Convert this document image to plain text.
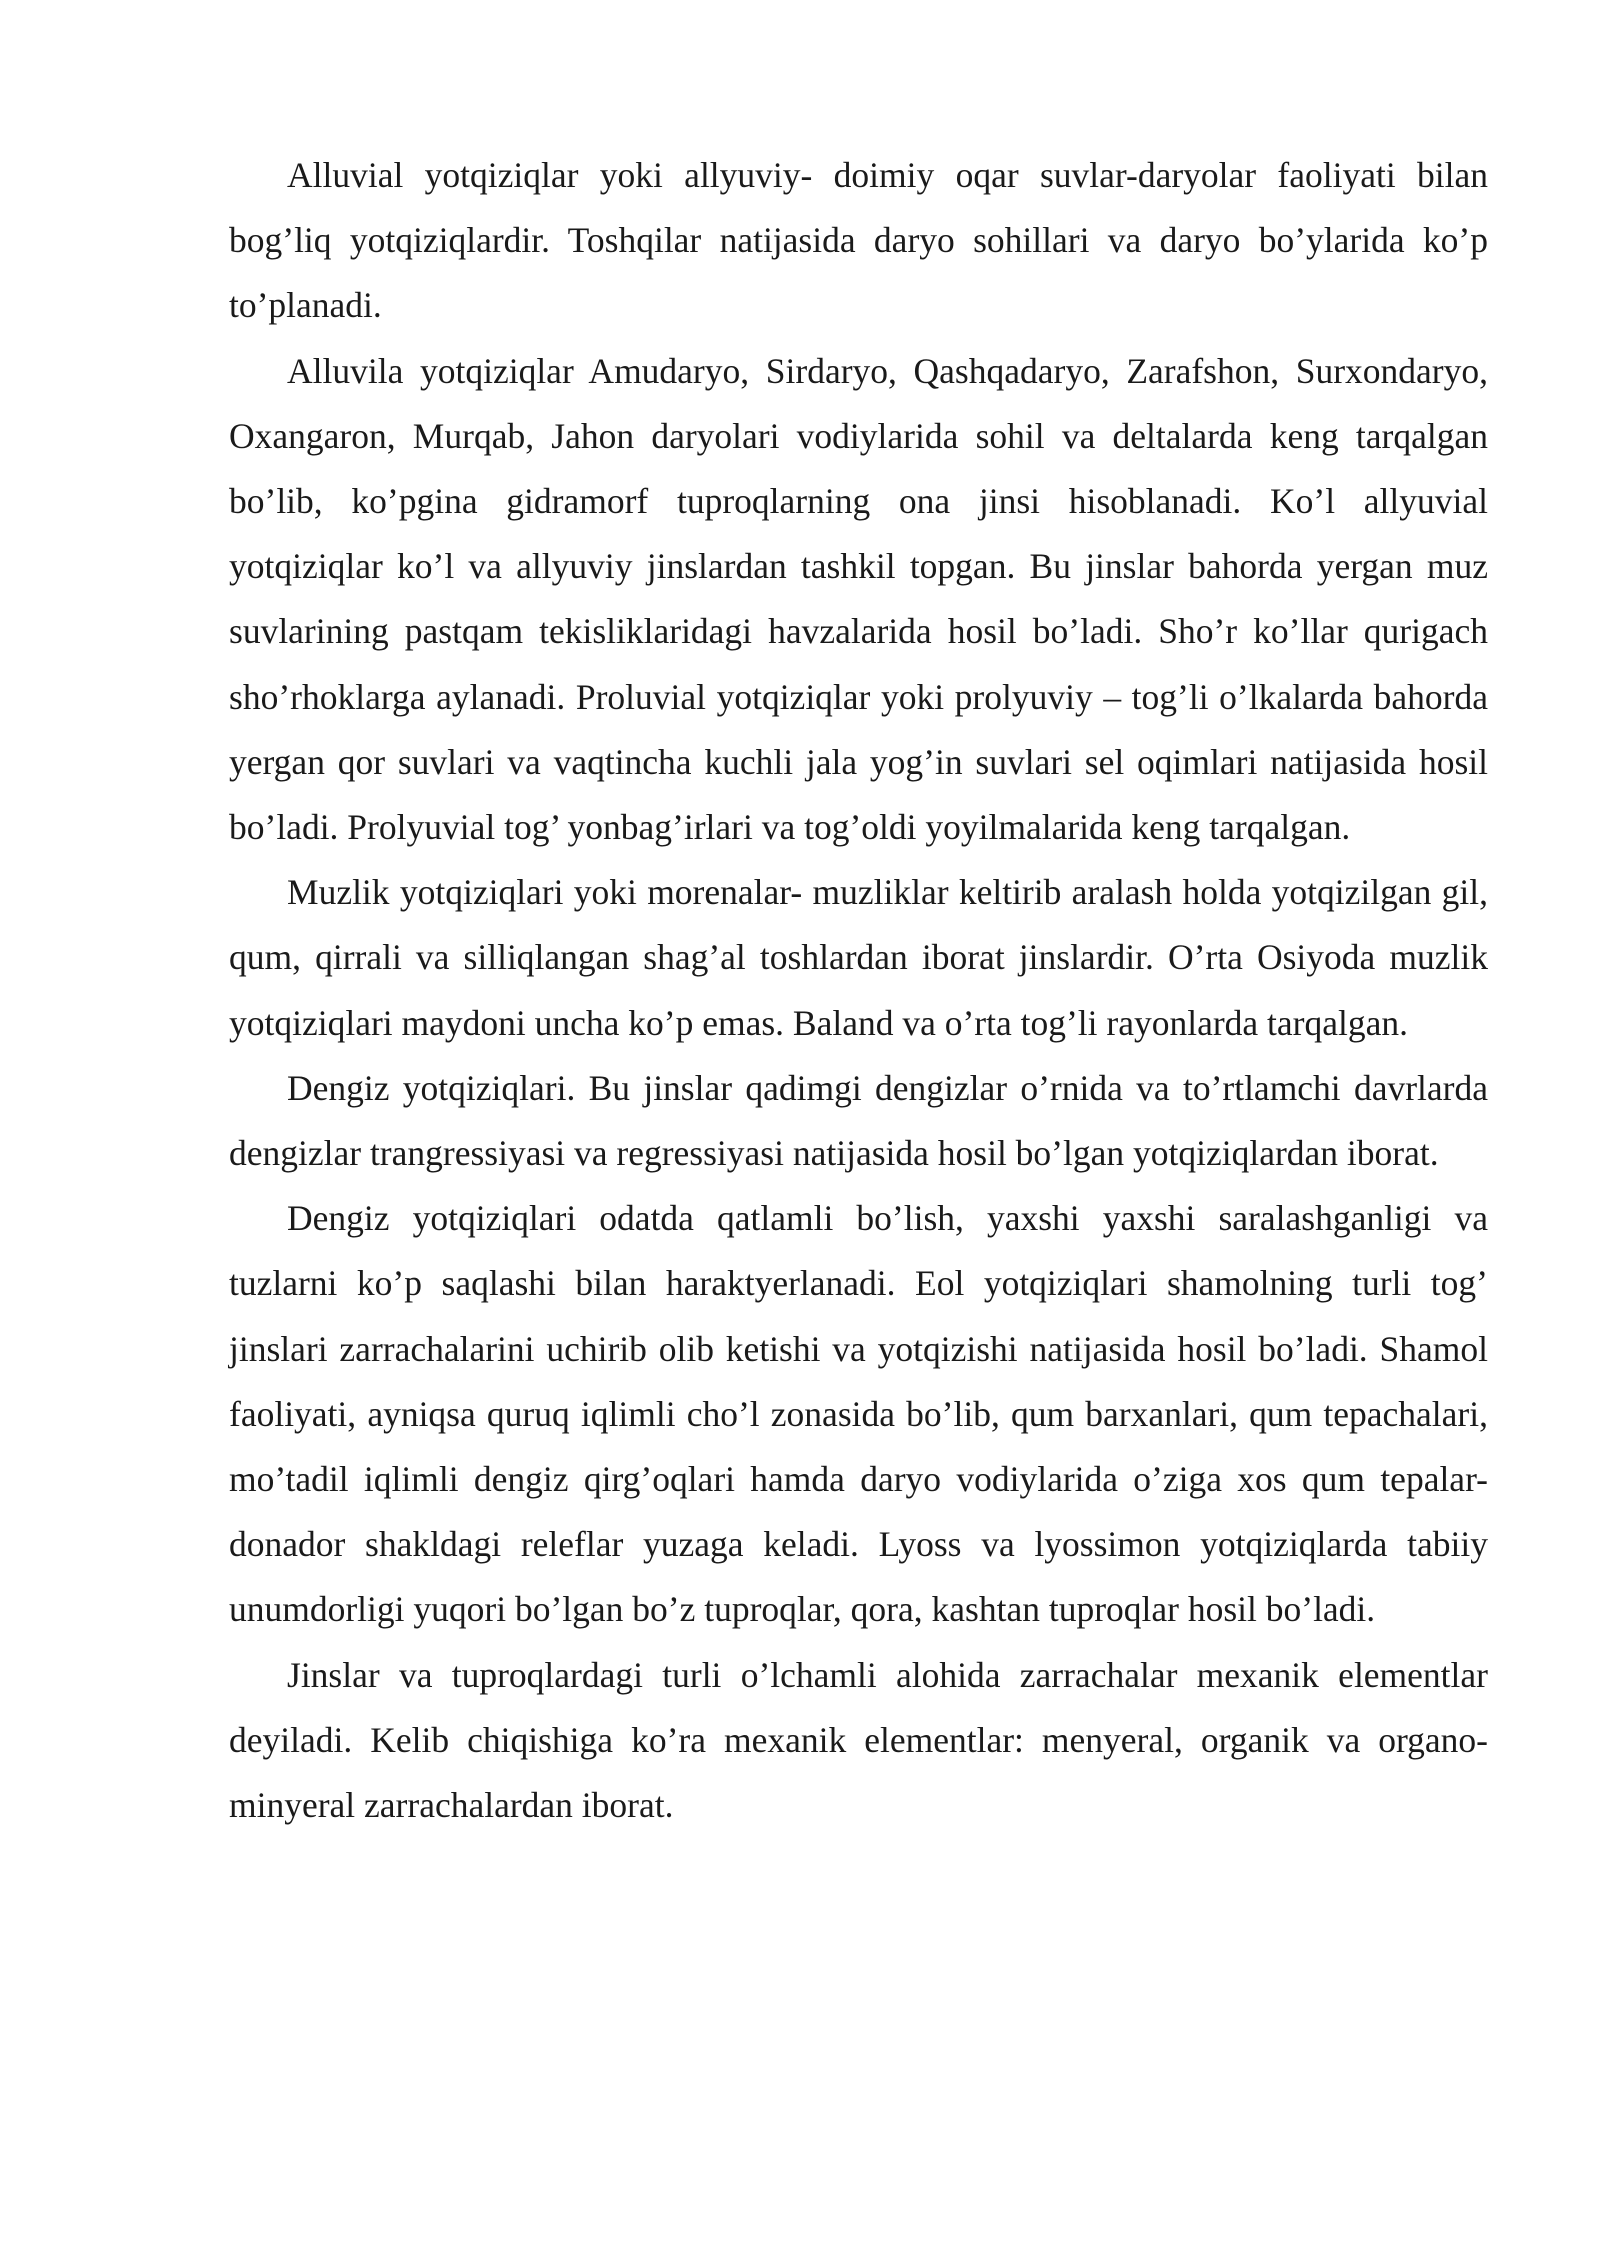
Alluvial yotqiziqlar yoki allyuviy- doimiy oqar suvlar-daryolar faoliyati bilan bog’liq yotqiziqlardir. Toshqilar natijasida daryo sohillari va daryo bo’ylarida ko’p to’planadi.

Alluvila yotqiziqlar Amudaryo, Sirdaryo, Qashqadaryo, Zarafshon, Surxondaryo, Oxangaron, Murqab, Jahon daryolari vodiylarida sohil va deltalarda keng tarqalgan bo’lib, ko’pgina gidramorf tuproqlarning ona jinsi hisoblanadi. Ko’l allyuvial yotqiziqlar ko’l va allyuviy jinslardan tashkil topgan. Bu jinslar bahorda yergan muz suvlarining pastqam tekisliklaridagi havzalarida hosil bo’ladi. Sho’r ko’llar qurigach sho’rhoklarga aylanadi. Proluvial yotqiziqlar yoki prolyuviy – tog’li o’lkalarda bahorda yergan qor suvlari va vaqtincha kuchli jala yog’in suvlari sel oqimlari natijasida hosil bo’ladi. Prolyuvial tog’ yonbag’irlari va tog’oldi yoyilmalarida keng tarqalgan.

Muzlik yotqiziqlari yoki morenalar- muzliklar keltirib aralash holda yotqizilgan gil, qum, qirrali va silliqlangan shag’al toshlardan iborat jinslardir. O’rta Osiyoda muzlik yotqiziqlari maydoni uncha ko’p emas. Baland va o’rta tog’li rayonlarda tarqalgan.

Dengiz yotqiziqlari. Bu jinslar qadimgi dengizlar o’rnida va to’rtlamchi davrlarda dengizlar trangressiyasi va regressiyasi natijasida hosil bo’lgan yotqiziqlardan iborat.

Dengiz yotqiziqlari odatda qatlamli bo’lish, yaxshi yaxshi saralashganligi va tuzlarni ko’p saqlashi bilan haraktyerlanadi. Eol yotqiziqlari shamolning turli tog’ jinslari zarrachalarini uchirib olib ketishi va yotqizishi natijasida hosil bo’ladi. Shamol faoliyati, ayniqsa quruq iqlimli cho’l zonasida bo’lib, qum barxanlari, qum tepachalari, mo’tadil iqlimli dengiz qirg’oqlari hamda daryo vodiylarida o’ziga xos qum tepalar- donador shakldagi releflar yuzaga keladi. Lyoss va lyossimon yotqiziqlarda tabiiy unumdorligi yuqori bo’lgan bo’z tuproqlar, qora, kashtan tuproqlar hosil bo’ladi.

Jinslar va tuproqlardagi turli o’lchamli alohida zarrachalar mexanik elementlar deyiladi. Kelib chiqishiga ko’ra mexanik elementlar: menyeral, organik va organo-minyeral zarrachalardan iborat.
